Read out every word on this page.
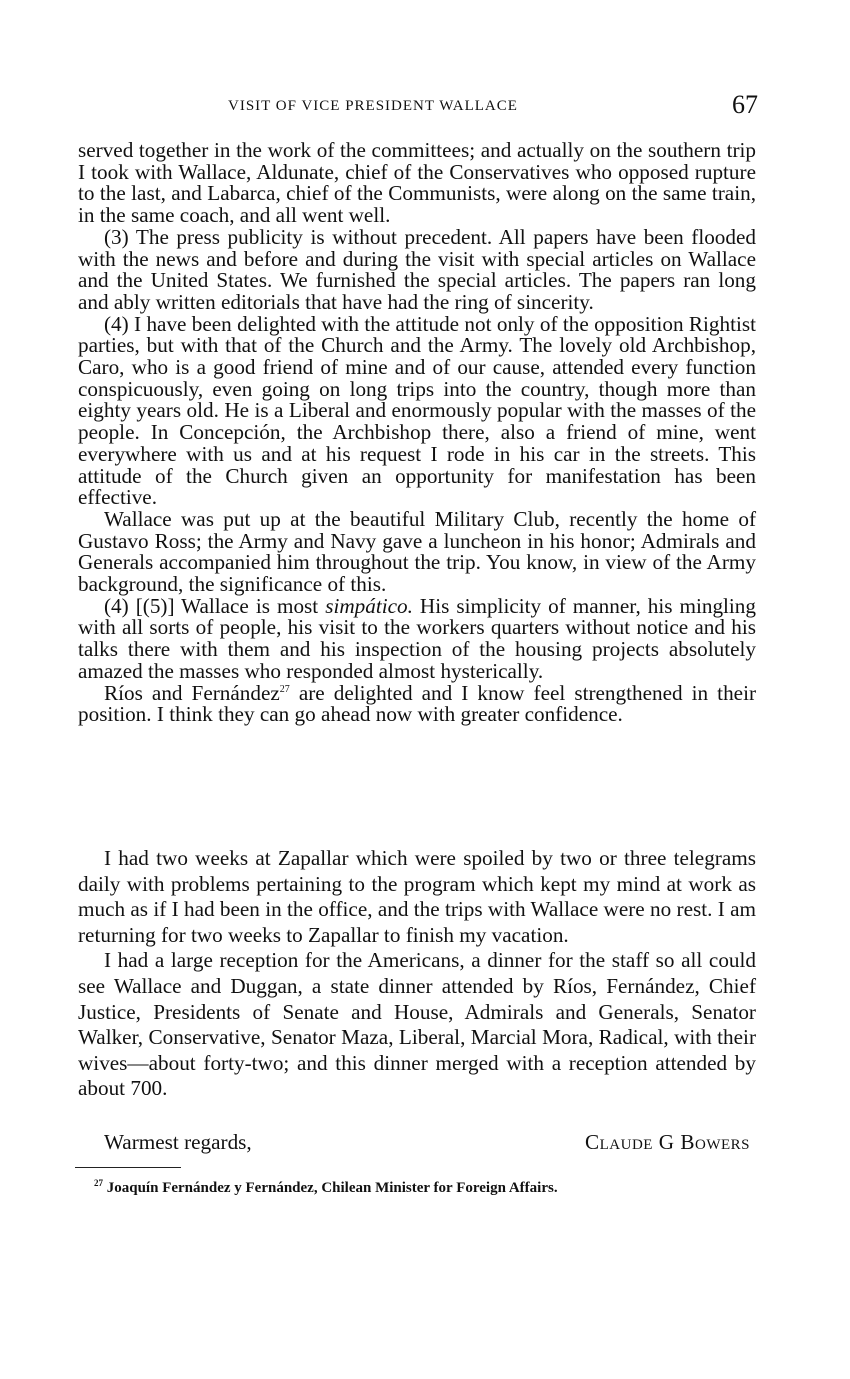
VISIT OF VICE PRESIDENT WALLACE	67

served together in the work of the committees; and actually on the southern trip I took with Wallace, Aldunate, chief of the Conservatives who opposed rupture to the last, and Labarca, chief of the Communists, were along on the same train, in the same coach, and all went well.

(3) The press publicity is without precedent. All papers have been flooded with the news and before and during the visit with special articles on Wallace and the United States. We furnished the special articles. The papers ran long and ably written editorials that have had the ring of sincerity.

(4) I have been delighted with the attitude not only of the opposition Rightist parties, but with that of the Church and the Army. The lovely old Archbishop, Caro, who is a good friend of mine and of our cause, attended every function conspicuously, even going on long trips into the country, though more than eighty years old. He is a Liberal and enormously popular with the masses of the people. In Concepción, the Archbishop there, also a friend of mine, went everywhere with us and at his request I rode in his car in the streets. This attitude of the Church given an opportunity for manifestation has been effective.

Wallace was put up at the beautiful Military Club, recently the home of Gustavo Ross; the Army and Navy gave a luncheon in his honor; Admirals and Generals accompanied him throughout the trip. You know, in view of the Army background, the significance of this.

(4) [(5)] Wallace is most simpático. His simplicity of manner, his mingling with all sorts of people, his visit to the workers quarters without notice and his talks there with them and his inspection of the housing projects absolutely amazed the masses who responded almost hysterically.

Ríos and Fernández$^{27}$ are delighted and I know feel strengthened in their position. I think they can go ahead now with greater confidence.

I had two weeks at Zapallar which were spoiled by two or three telegrams daily with problems pertaining to the program which kept my mind at work as much as if I had been in the office, and the trips with Wallace were no rest. I am returning for two weeks to Zapallar to finish my vacation.

I had a large reception for the Americans, a dinner for the staff so all could see Wallace and Duggan, a state dinner attended by Ríos, Fernández, Chief Justice, Presidents of Senate and House, Admirals and Generals, Senator Walker, Conservative, Senator Maza, Liberal, Marcial Mora, Radical, with their wives—about forty-two; and this dinner merged with a reception attended by about 700.

Warmest regards,	Claude G Bowers
$^{27}$ Joaquín Fernández y Fernández, Chilean Minister for Foreign Affairs.
